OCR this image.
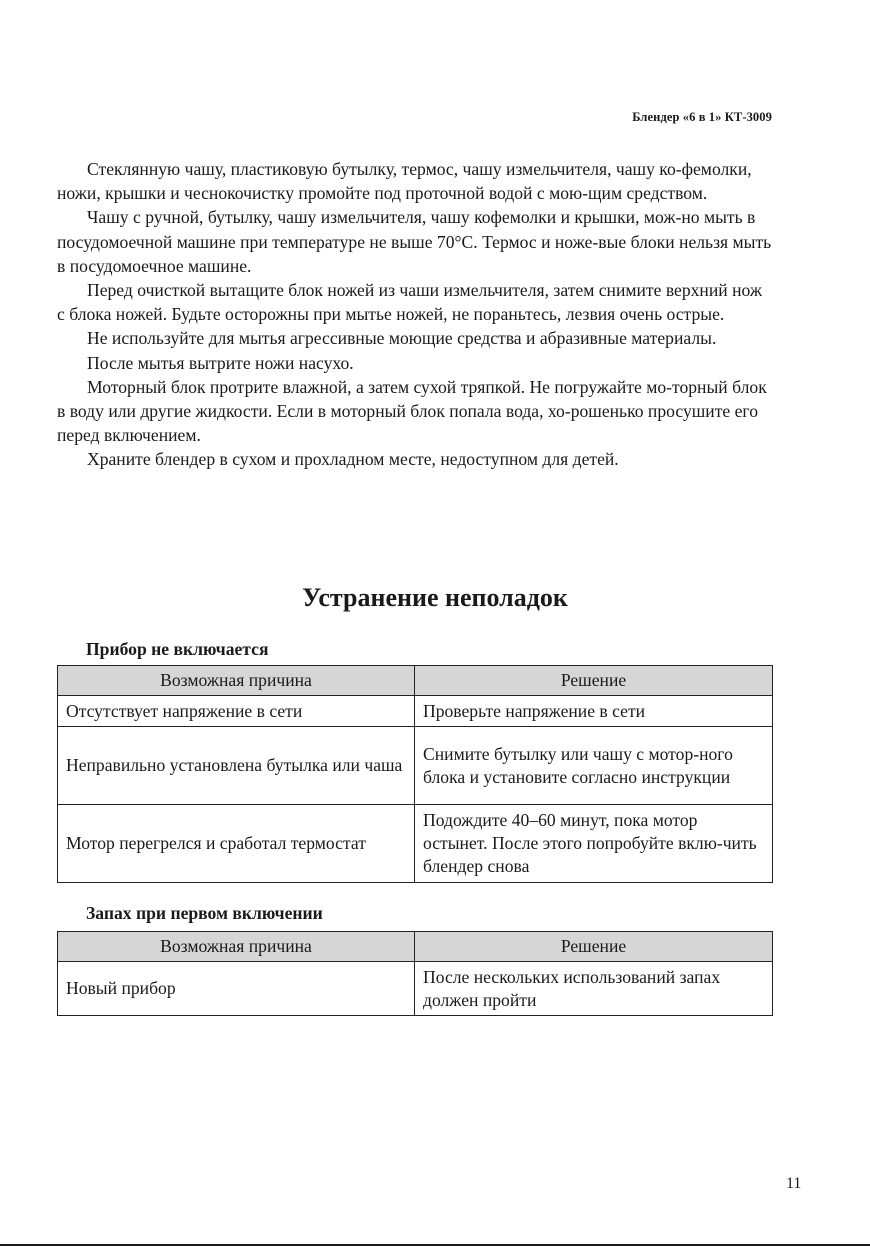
Блендер «6 в 1» КТ-3009

Стеклянную чашу, пластиковую бутылку, термос, чашу измельчителя, чашу ко-фемолки, ножи, крышки и чеснокочистку промойте под проточной водой с мою-щим средством.

Чашу с ручной, бутылку, чашу измельчителя, чашу кофемолки и крышки, мож-но мыть в посудомоечной машине при температуре не выше 70°С. Термос и ноже-вые блоки нельзя мыть в посудомоечное машине.

Перед очисткой вытащите блок ножей из чаши измельчителя, затем снимите верхний нож с блока ножей. Будьте осторожны при мытье ножей, не пораньтесь, лезвия очень острые.

Не используйте для мытья агрессивные моющие средства и абразивные материалы.

После мытья вытрите ножи насухо.

Моторный блок протрите влажной, а затем сухой тряпкой. Не погружайте мо-торный блок в воду или другие жидкости. Если в моторный блок попала вода, хо-рошенько просушите его перед включением.

Храните блендер в сухом и прохладном месте, недоступном для детей.

Устранение неполадок
Прибор не включается
Возможная причина	Решение
Отсутствует напряжение в сети	Проверьте напряжение в сети
Неправильно установлена бутылка или чаша	Снимите бутылку или чашу с мотор-ного блока и установите согласно инструкции
Мотор перегрелся и сработал термостат	Подождите 40–60 минут, пока мотор остынет. После этого попробуйте вклю-чить блендер снова
Запах при первом включении
Возможная причина	Решение
Новый прибор	После нескольких использований запах должен пройти
11
